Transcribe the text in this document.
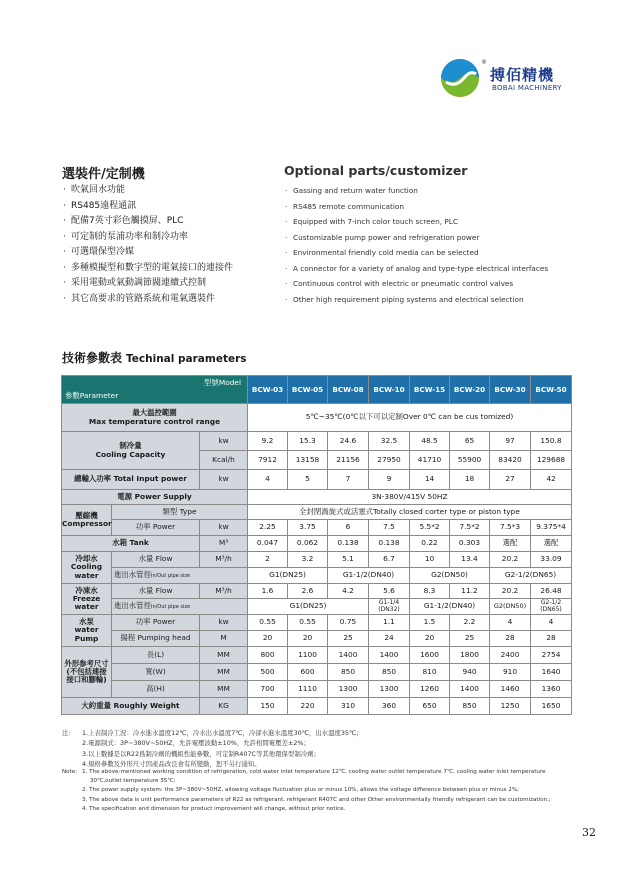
®
搏佰精機
BOBAI MACHINERY
選裝件/定制機	Optional parts/customizer
· 吹氣回水功能
· RS485遠程通訊
· 配備7英寸彩色觸摸屏、PLC
· 可定制的泵浦功率和制冷功率
· 可選環保型冷媒
· 多種模擬型和數字型的電氣接口的連接件
· 采用電動或氣動調節閥連續式控制
· 其它高要求的管路系統和電氣選裝件
· Gassing and return water function
· RS485 remote communication
· Equipped with 7-inch color touch screen, PLC
· Customizable pump power and refrigeration power
· Environmental friendly cold media can be selected
· A connector for a variety of analog and type-type electrical interfaces
· Continuous control with electric or pneumatic control valves
· Other high requirement piping systems and electrical selection
技術參數表 Techinal parameters
型號Model
參數Parameter			BCW-03	BCW-05	BCW-08	BCW-10	BCW-15	BCW-20	BCW-30	BCW-50
最大温控範圍
Max temperature control range			5℃~35℃(0℃以下可以定制Over 0℃ can be cus tomized)							
制冷量
Cooling Capacity		kw	9.2	15.3	24.6	32.5	48.5	65	97	150.8
		Kcal/h	7912	13158	21156	27950	41710	55900	83420	129688
總輸入功率 Total Input power		kw	4	5	7	9	14	18	27	42
電源 Power Supply			3N-380V/415V 50HZ							
壓縮機
Compressor	類型 Type		全封閉渦旋式或活塞式Totally closed corter type or piston type							
	功率 Power	kw	2.25	3.75	6	7.5	5.5*2	7.5*2	7.5*3	9.375*4
水箱 Tank		M³	0.047	0.062	0.138	0.138	0.22	0.303	選配	選配
冷却水
Cooling
water	水量 Flow	M³/h	2	3.2	5.1	6.7	10	13.4	20.2	33.09
	進出水管徑In/Out pipe size		G1(DN25)		G1-1/2(DN40)		G2(DN50)		G2-1/2(DN65)	
冷凍水
Freeze
water	水量 Flow	M³/h	1.6	2.6	4.2	5.6	8.3	11.2	20.2	26.48
	進出水管徑In/Out pipe size		G1(DN25)			G1-1/4 (DN32)	G1-1/2(DN40)		G2(DN50)	G2-1/2 (DN65)
水泵
water Pump	功率 Power	kw	0.55	0.55	0.75	1.1	1.5	2.2	4	4
	揚程 Pumping head	M	20	20	25	24	20	25	28	28
外形参考尺寸
(不包括連接
接口和腳輪)	長(L)	MM	800	1100	1400	1400	1600	1800	2400	2754
	寬(W)	MM	500	600	850	850	810	940	910	1640
	高(H)	MM	700	1110	1300	1300	1260	1400	1460	1360
大約重量 Roughly Weight		KG	150	220	310	360	650	850	1250	1650
注: 1.上表制冷工況：冷水進水溫度12℃，冷水出水溫度7℃，冷卻水進水溫度30℃，出水溫度35℃；
2.電源制式：3P~380V~50HZ，允許電壓波動±10%，允許相間電壓差±2%；
3.以上數據是以R22爲制冷劑的機組性能參數，可定制R407C等其他環保型制冷劑；
4.規格參數及外形尺寸因產品改良會有所變動，恕不另行通知。
Note: 1. The above-mentioned working condition of refrigeration, cold water inlet temperature 12℃, cooling water outlet temperature 7℃, cooling water inlet temperature
30℃,outlet temperature 35℃;
2. The power supply system: the 3P~380V~50HZ, allowing voltage fluctuation plus or minus 10%, allows the voltage difference between plus or minus 2%;
3. The above data is unit performance parameters of R22 as refrigerant, refrigerant R407C and other Other environmentally friendly refrigerant can be customization.;
4. The specification and dimension for product improvement will change, without prior notice.
32
